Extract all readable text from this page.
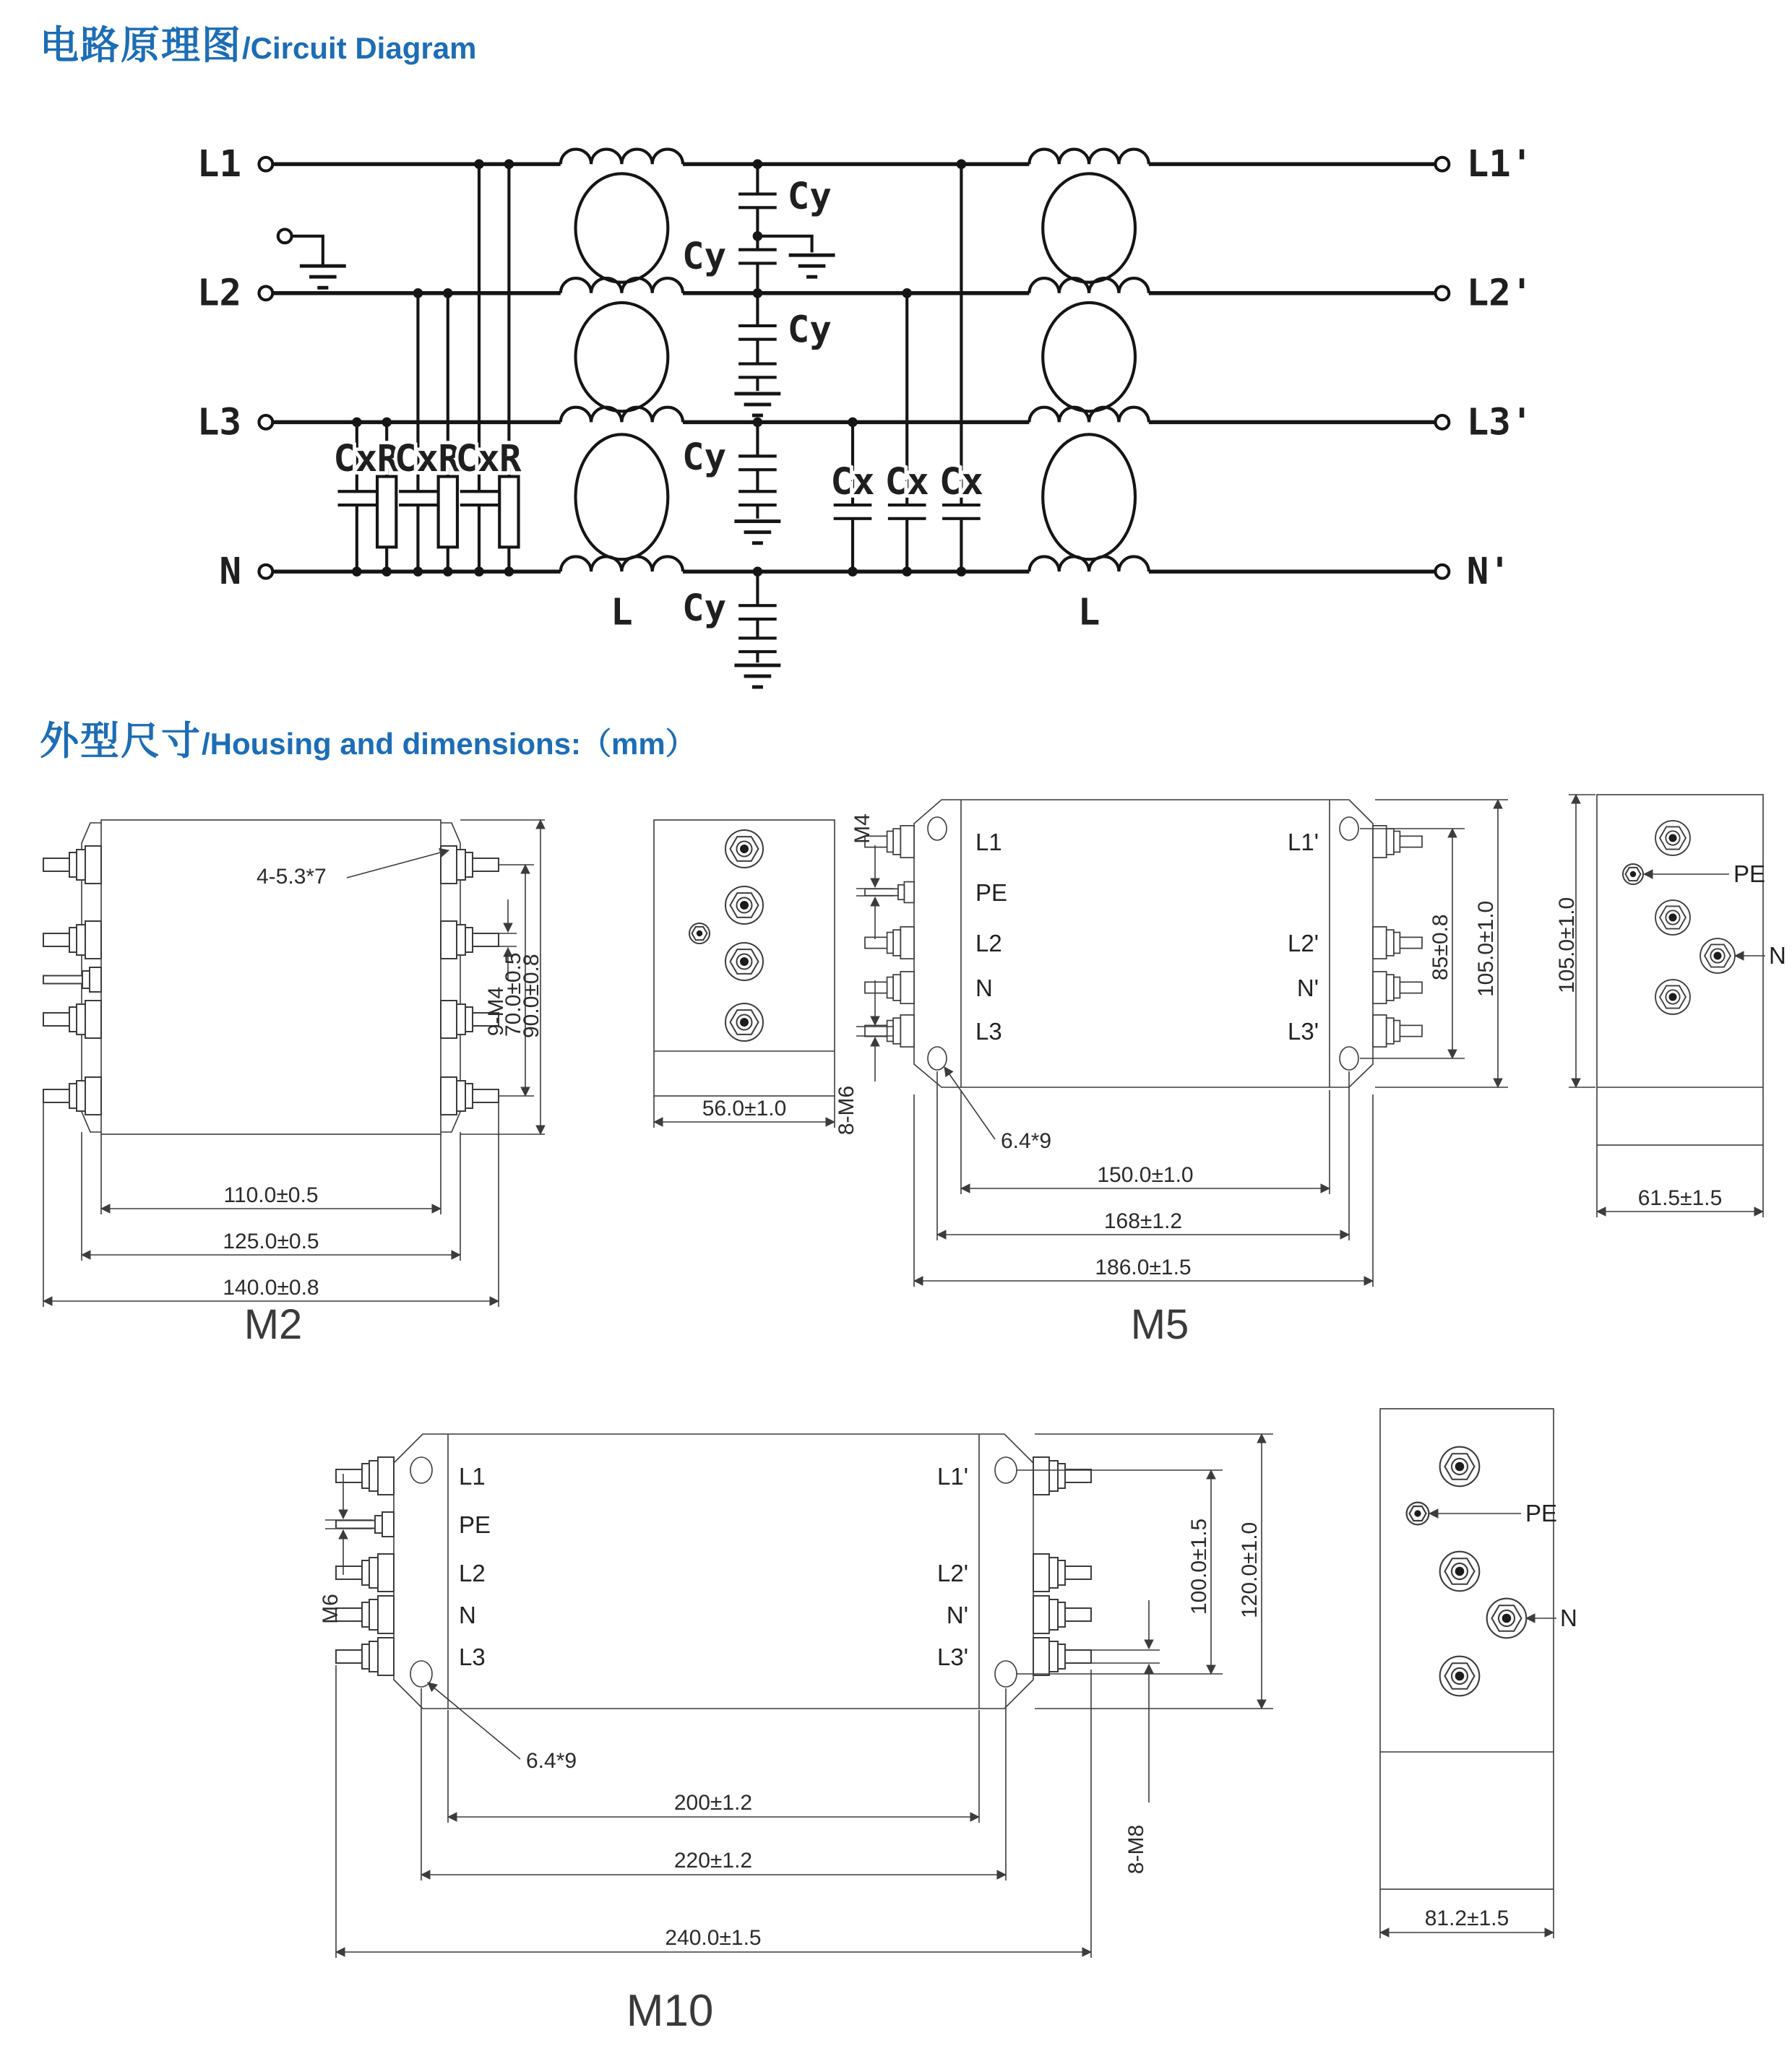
电路原理图/Circuit Diagram
L1
L2
L3
N
L1'
L2'
L3'
N'
Cx R
Cx R
Cx R
L
Cy
Cy
Cy
Cy
Cy
Cx Cx Cx
L
外型尺寸/Housing and dimensions:（mm）
4-5.3*7
9-M4
70.0±0.5
90.0±0.8
110.0±0.5
125.0±0.5
140.0±0.8
56.0±1.0
L1
PE
L2
N
L3
L1'
L2'
N'
L3'
M4
8-M6
6.4*9
85±0.8 105.0±1.0
150.0±1.0
168±1.2
186.0±1.5
PE
N
105.0±1.0
61.5±1.5
M2	M5
L1
PE
L2
N
L3
L1'
L2'
N'
L3'
M6
8-M8
100.0±1.5 120.0±1.0
6.4*9
200±1.2
220±1.2
240.0±1.5
PE
N
81.2±1.5
M10
